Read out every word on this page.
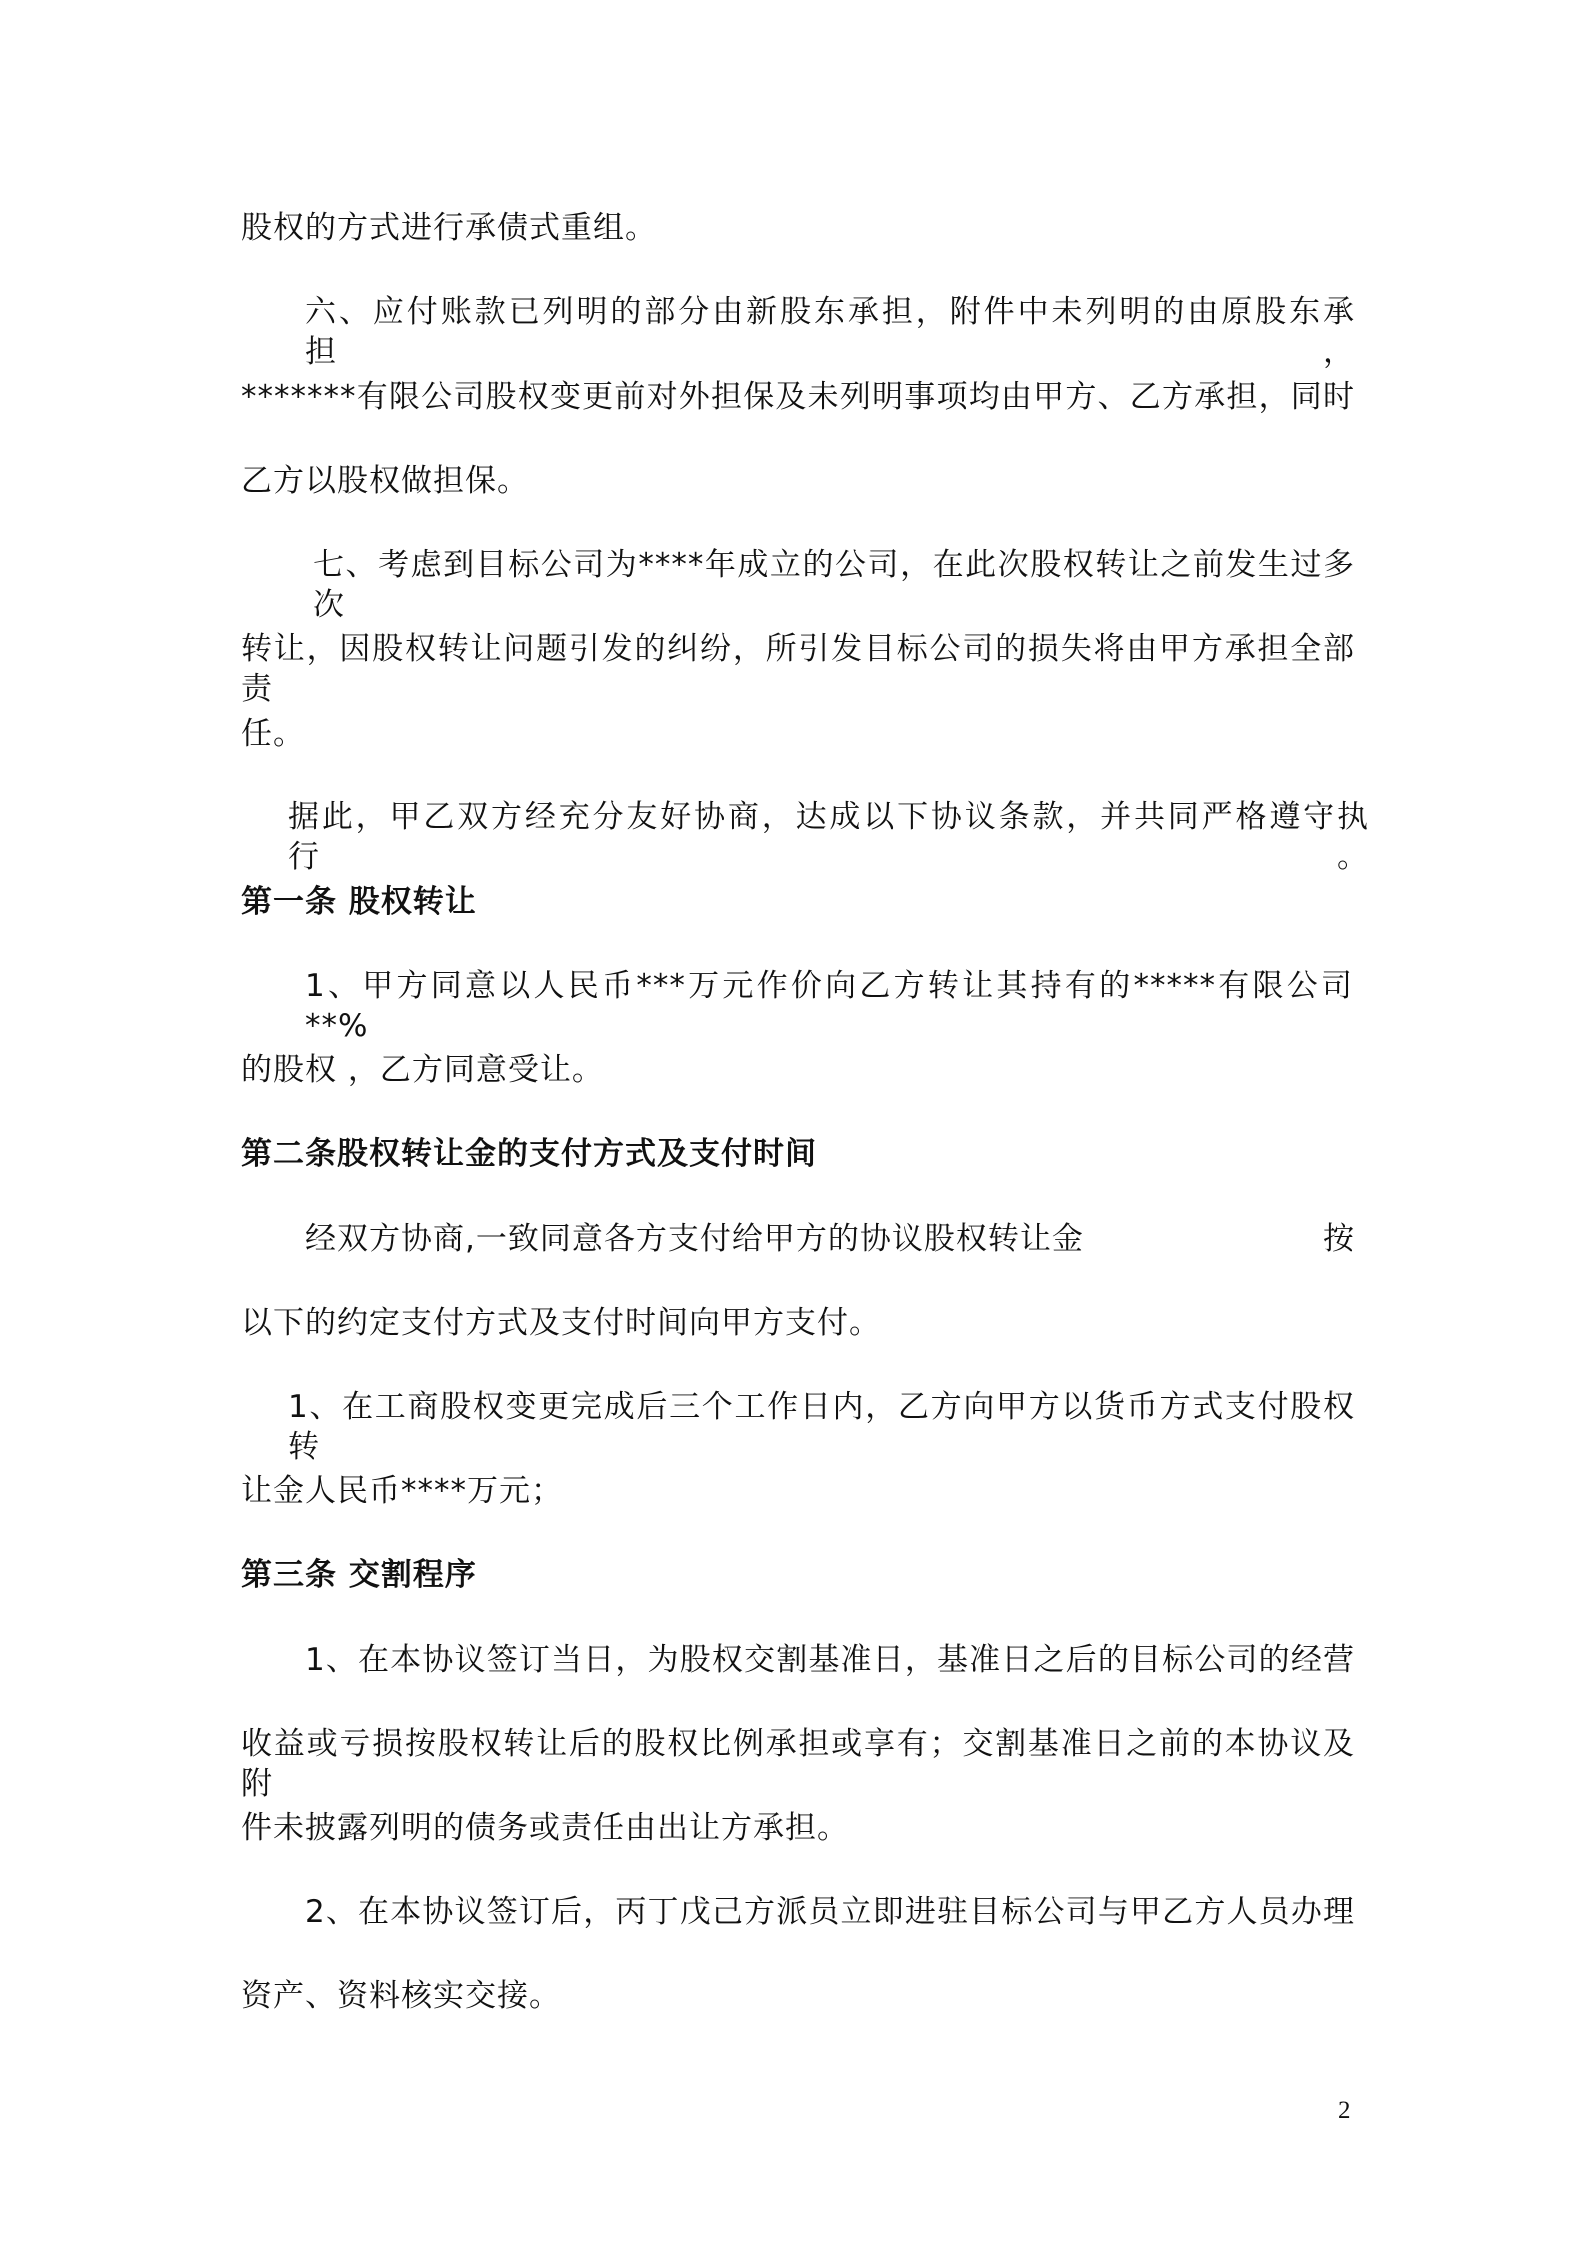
股权的方式进行承债式重组。
六、应付账款已列明的部分由新股东承担，附件中未列明的由原股东承担，
*******有限公司股权变更前对外担保及未列明事项均由甲方、乙方承担，同时
乙方以股权做担保。
七、考虑到目标公司为****年成立的公司，在此次股权转让之前发生过多次
转让，因股权转让问题引发的纠纷，所引发目标公司的损失将由甲方承担全部责
任。
据此，甲乙双方经充分友好协商，达成以下协议条款，并共同严格遵守执行。
第一条 股权转让
1、甲方同意以人民币***万元作价向乙方转让其持有的*****有限公司**%
的股权 ，乙方同意受让。
第二条股权转让金的支付方式及支付时间
经双方协商,一致同意各方支付给甲方的协议股权转让金	按
以下的约定支付方式及支付时间向甲方支付。
1、在工商股权变更完成后三个工作日内，乙方向甲方以货币方式支付股权转
让金人民币****万元；
第三条 交割程序
1、在本协议签订当日，为股权交割基准日，基准日之后的目标公司的经营
收益或亏损按股权转让后的股权比例承担或享有；交割基准日之前的本协议及附
件未披露列明的债务或责任由出让方承担。
2、在本协议签订后，丙丁戊己方派员立即进驻目标公司与甲乙方人员办理
资产、资料核实交接。
2
